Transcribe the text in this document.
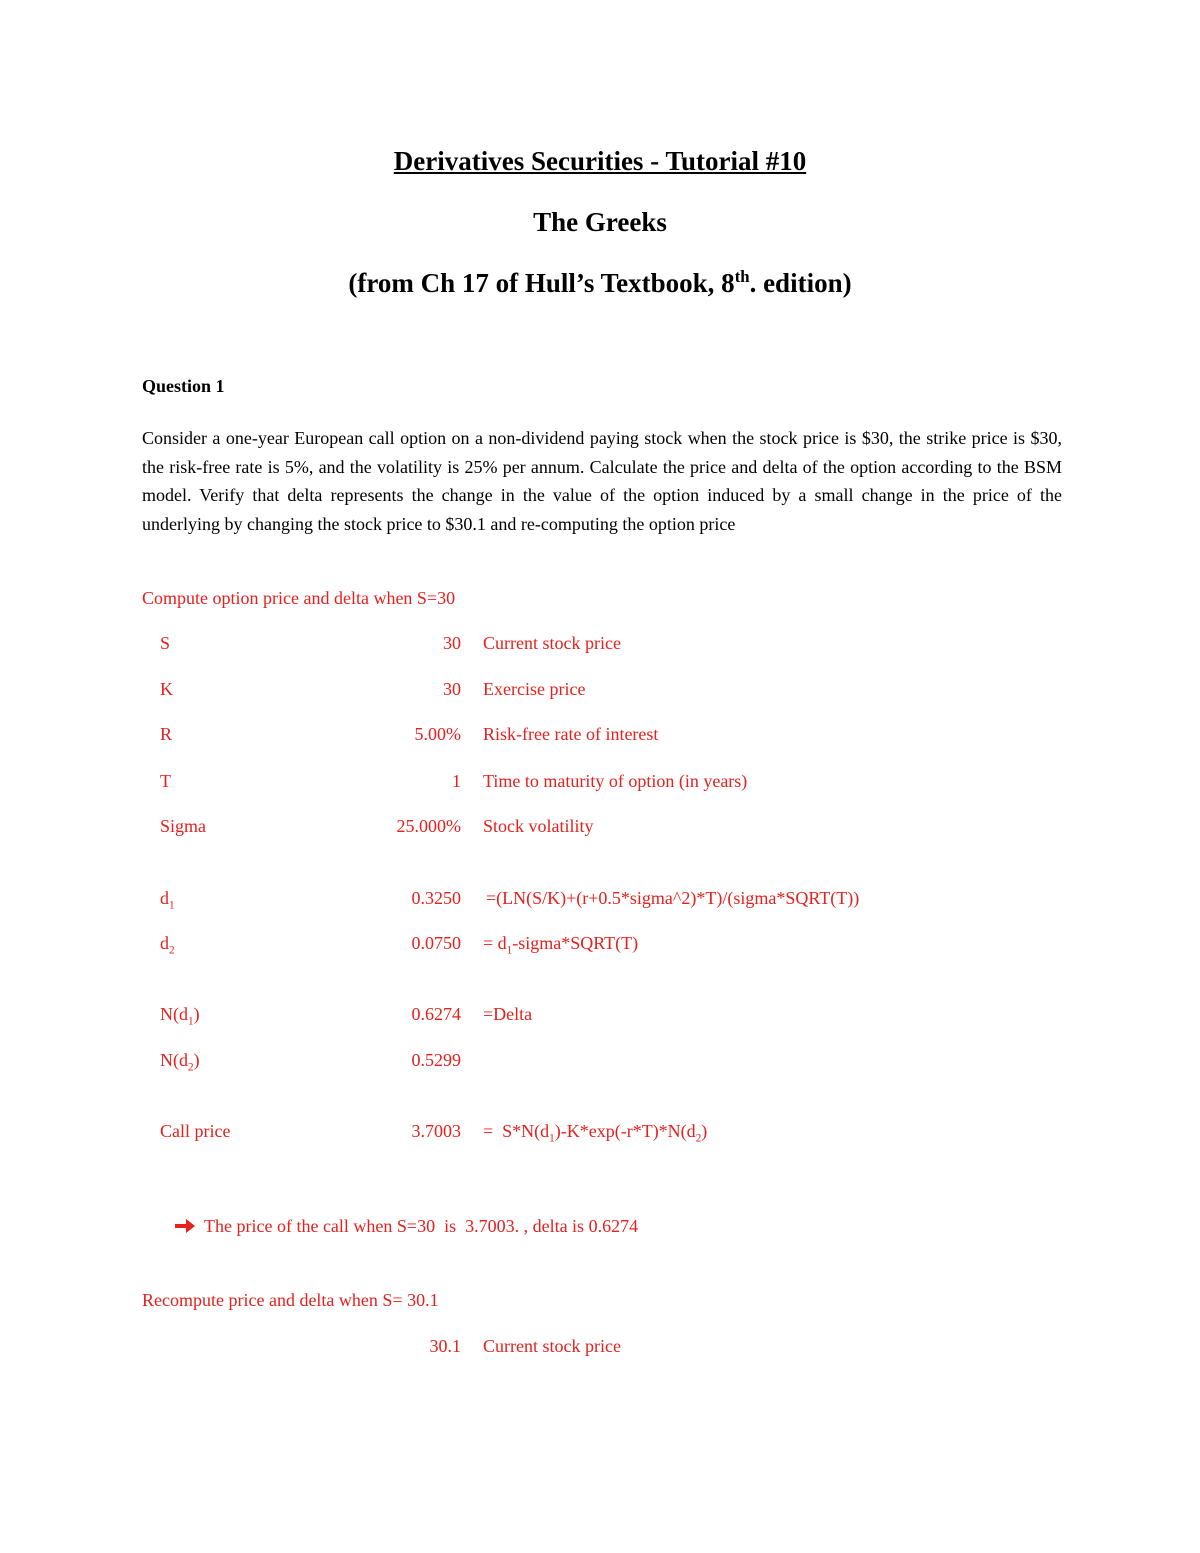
Derivatives Securities - Tutorial #10
The Greeks
(from Ch 17 of Hull’s Textbook, 8th. edition)
Question 1
Consider a one-year European call option on a non-dividend paying stock when the stock price is $30, the strike price is $30, the risk-free rate is 5%, and the volatility is 25% per annum. Calculate the price and delta of the option according to the BSM model. Verify that delta represents the change in the value of the option induced by a small change in the price of the underlying by changing the stock price to $30.1 and re-computing the option price
Compute option price and delta when S=30
S	30 Current stock price
K	30 Exercise price
R	5.00% Risk-free rate of interest
T	1 Time to maturity of option (in years)
Sigma	25.000% Stock volatility
$d_1$	0.3250 =(LN(S/K)+(r+0.5*sigma^2)*T)/(sigma*SQRT(T))
$d_2$	$0.0750 = d_1-sigma*SQRT(T)$
$N(d_1)$	0.6274 =Delta
$N(d_2)$	0.5299
Call price	$3.7003 = S*N(d_1)-K*\exp(-r*T)*N(d_2)$
The price of the call when S=30  is  3.7003. , delta is 0.6274
Recompute price and delta when S= 30.1
30.1 Current stock price
